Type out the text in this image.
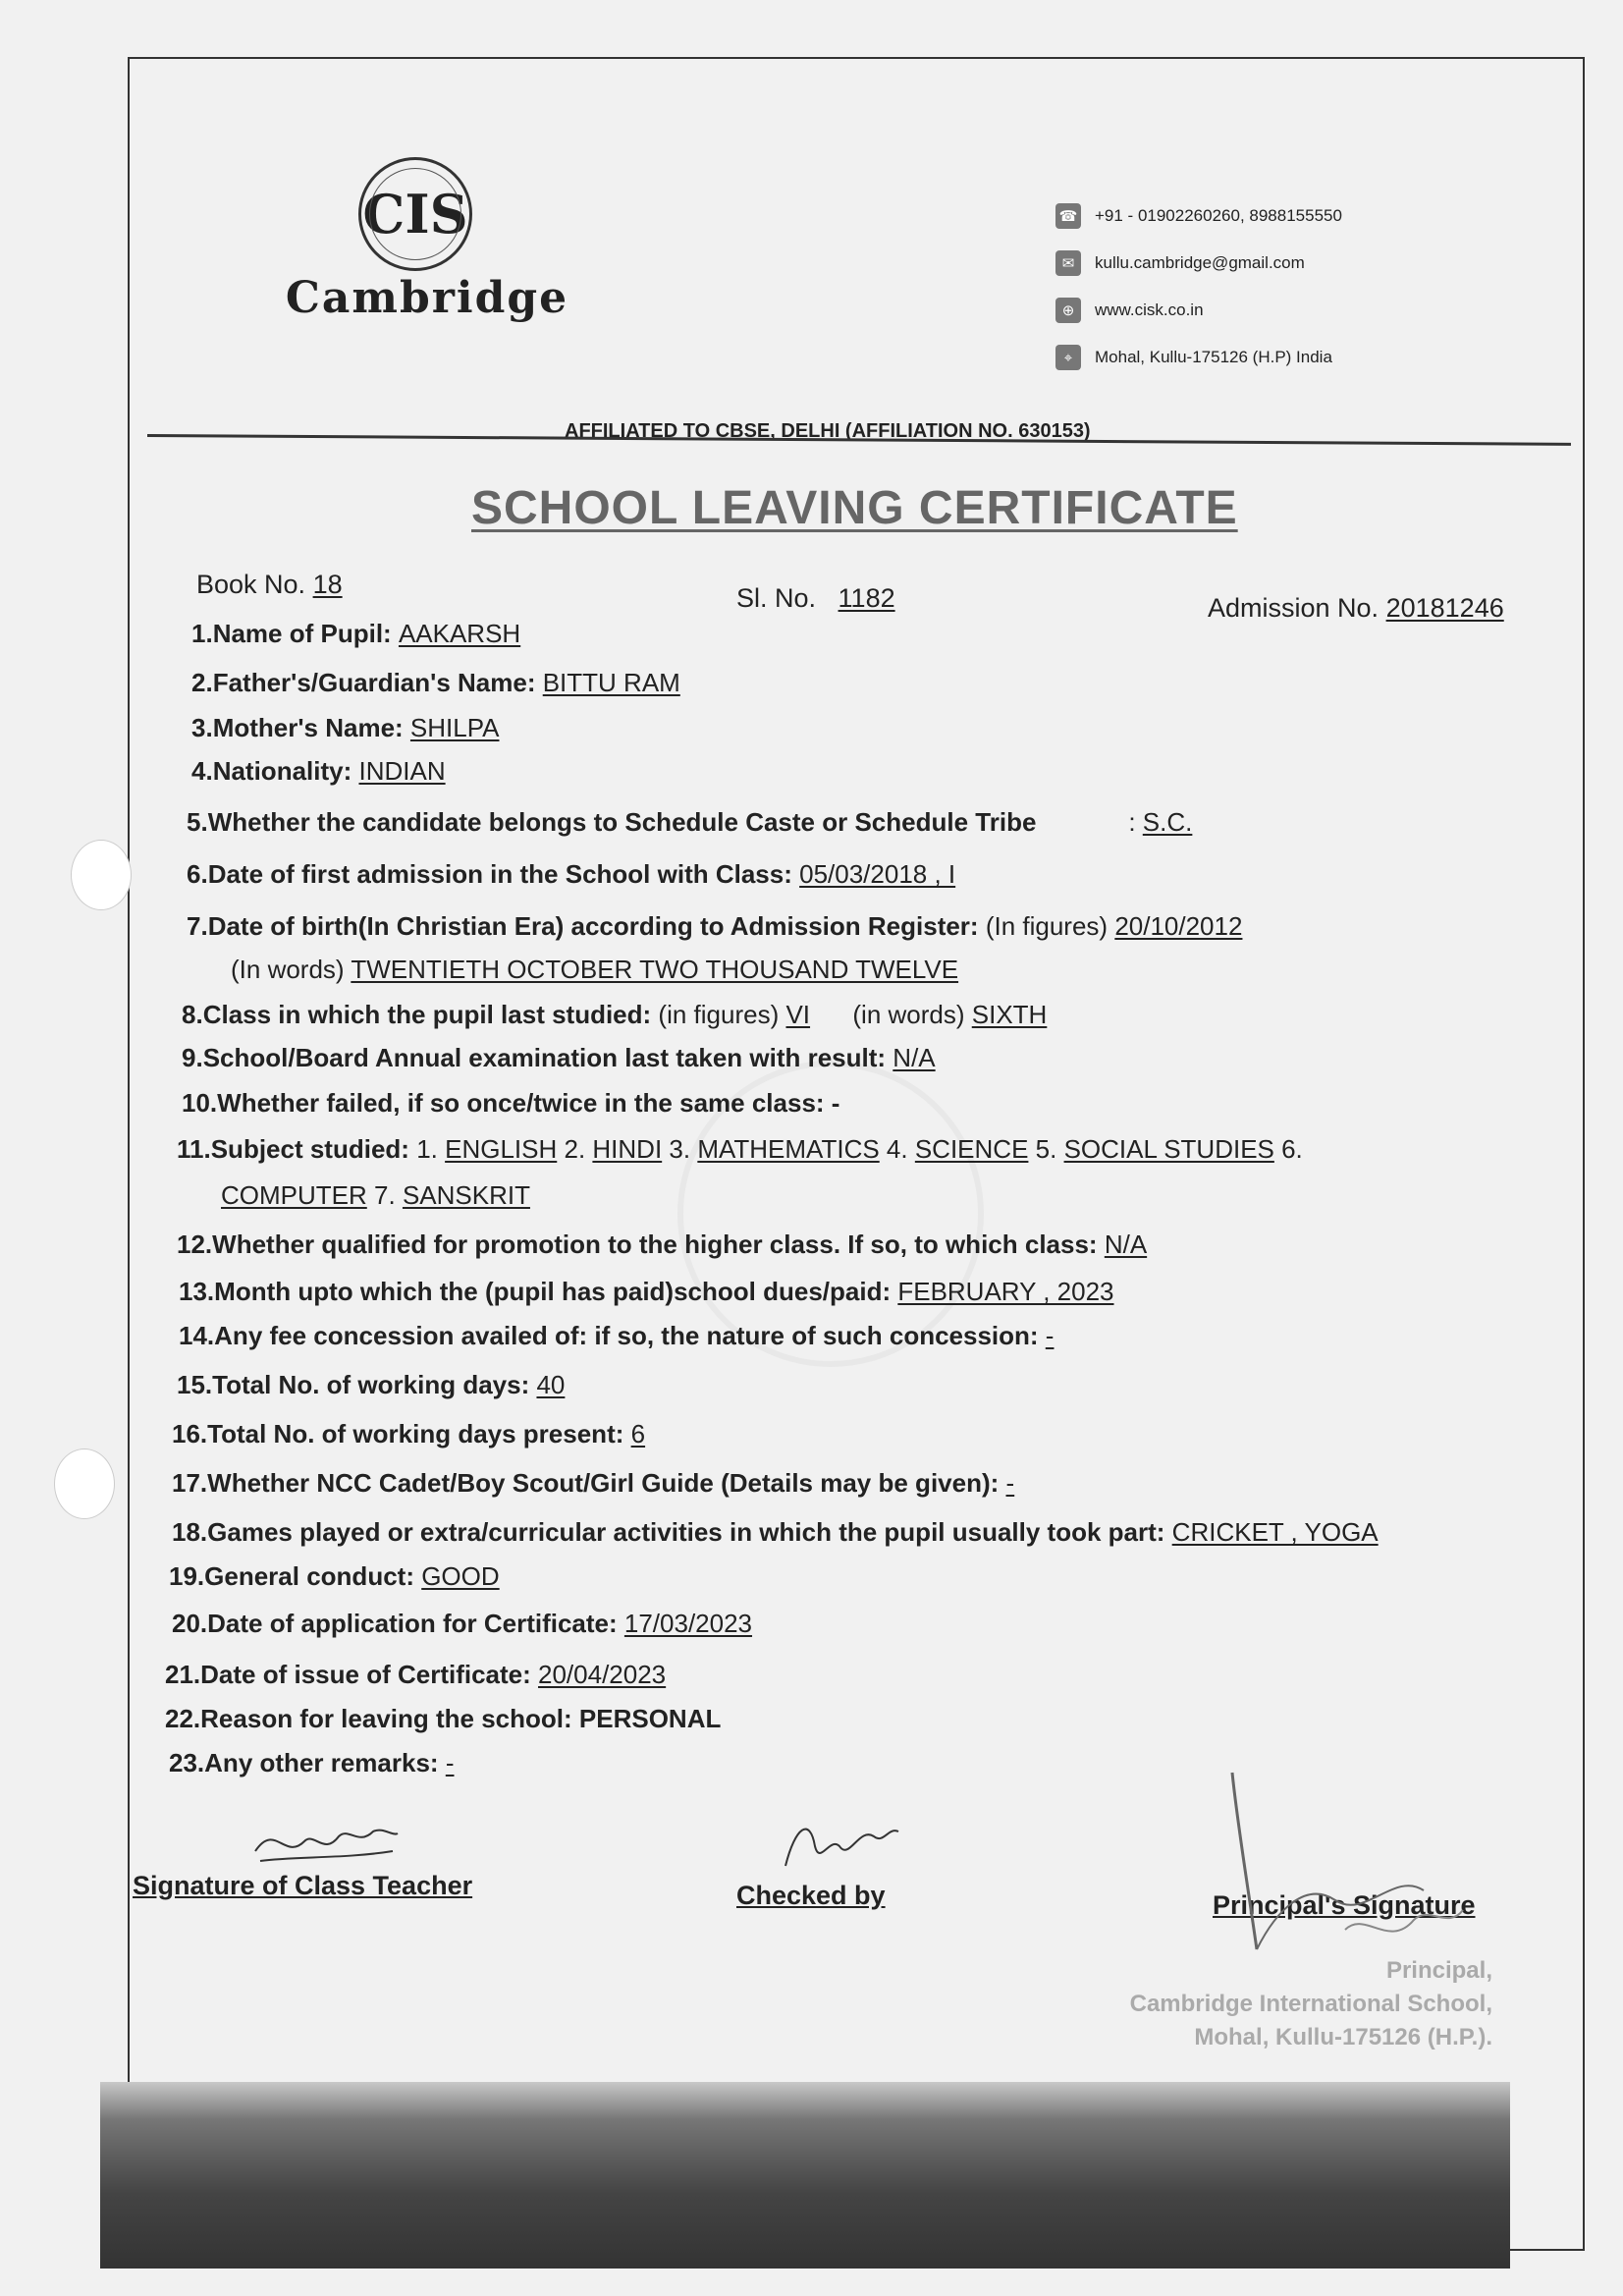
CIS
Cambridge
☎ +91 - 01902260260, 8988155550
✉	kullu.cambridge@gmail.com
⊕	www.cisk.co.in
⌖	Mohal, Kullu-175126 (H.P) India
AFFILIATED TO CBSE, DELHI (AFFILIATION NO. 630153)
SCHOOL LEAVING CERTIFICATE
Book No. 18	Sl. No. 1182	Admission No. 20181246
1.Name of Pupil: AAKARSH
2.Father's/Guardian's Name: BITTU RAM
3.Mother's Name: SHILPA
4.Nationality: INDIAN
5.Whether the candidate belongs to Schedule Caste or Schedule Tribe             : S.C.
6.Date of first admission in the School with Class: 05/03/2018 , I
7.Date of birth(In Christian Era) according to Admission Register: (In figures) 20/10/2012
(In words) TWENTIETH OCTOBER TWO THOUSAND TWELVE
8.Class in which the pupil last studied: (in figures) VI      (in words) SIXTH
9.School/Board Annual examination last taken with result: N/A
10.Whether failed, if so once/twice in the same class: -
11.Subject studied: 1. ENGLISH 2. HINDI 3. MATHEMATICS 4. SCIENCE 5. SOCIAL STUDIES 6.
COMPUTER 7. SANSKRIT
12.Whether qualified for promotion to the higher class. If so, to which class: N/A
13.Month upto which the (pupil has paid)school dues/paid: FEBRUARY , 2023
14.Any fee concession availed of: if so, the nature of such concession: -
15.Total No. of working days: 40
16.Total No. of working days present: 6
17.Whether NCC Cadet/Boy Scout/Girl Guide (Details may be given): -
18.Games played or extra/curricular activities in which the pupil usually took part: CRICKET , YOGA
19.General conduct: GOOD
20.Date of application for Certificate: 17/03/2023
21.Date of issue of Certificate: 20/04/2023
22.Reason for leaving the school: PERSONAL
23.Any other remarks: -
Signature of Class Teacher	Checked by	Principal's Signature
Principal,
Cambridge International School,
Mohal, Kullu-175126 (H.P.).
